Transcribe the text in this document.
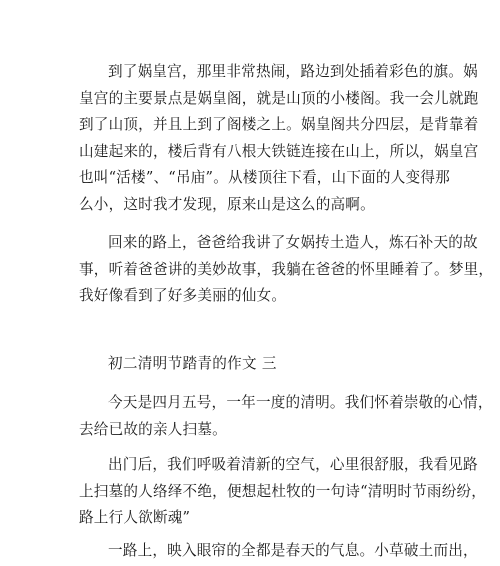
到了娲皇宫，那里非常热闹，路边到处插着彩色的旗。娲
皇宫的主要景点是娲皇阁，就是山顶的小楼阁。我一会儿就跑
到了山顶，并且上到了阁楼之上。娲皇阁共分四层，是背靠着
山建起来的，楼后背有八根大铁链连接在山上，所以，娲皇宫
也叫“活楼”、“吊庙”。从楼顶往下看，山下面的人变得那
么小，这时我才发现，原来山是这么的高啊。

回来的路上，爸爸给我讲了女娲抟土造人，炼石补天的故
事，听着爸爸讲的美妙故事，我躺在爸爸的怀里睡着了。梦里，
我好像看到了好多美丽的仙女。

初二清明节踏青的作文 三

今天是四月五号，一年一度的清明。我们怀着崇敬的心情，
去给已故的亲人扫墓。

出门后，我们呼吸着清新的空气，心里很舒服，我看见路
上扫墓的人络绎不绝，便想起杜牧的一句诗“清明时节雨纷纷，
路上行人欲断魂”

一路上，映入眼帘的全都是春天的气息。小草破土而出，
